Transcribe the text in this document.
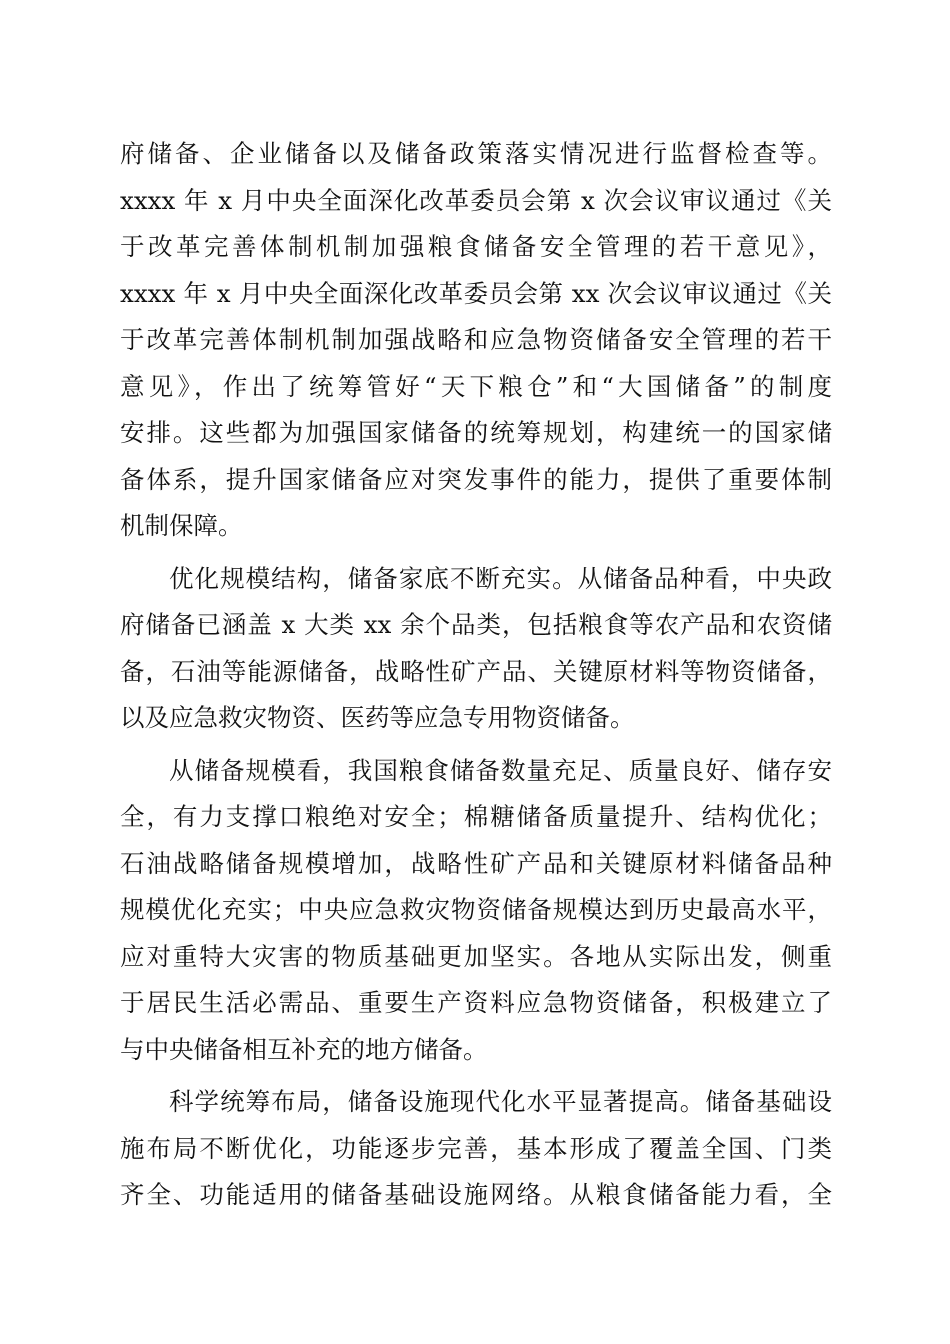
府储备、企业储备以及储备政策落实情况进行监督检查等。
xxxx 年 x 月中央全面深化改革委员会第 x 次会议审议通过《关
于改革完善体制机制加强粮食储备安全管理的若干意见》，
xxxx 年 x 月中央全面深化改革委员会第 xx 次会议审议通过《关
于改革完善体制机制加强战略和应急物资储备安全管理的若干
意见》，作出了统筹管好“天下粮仓”和“大国储备”的制度
安排。这些都为加强国家储备的统筹规划，构建统一的国家储
备体系，提升国家储备应对突发事件的能力，提供了重要体制
机制保障。
优化规模结构，储备家底不断充实。从储备品种看，中央政
府储备已涵盖 x 大类 xx 余个品类，包括粮食等农产品和农资储
备，石油等能源储备，战略性矿产品、关键原材料等物资储备，
以及应急救灾物资、医药等应急专用物资储备。
从储备规模看，我国粮食储备数量充足、质量良好、储存安
全，有力支撑口粮绝对安全；棉糖储备质量提升、结构优化；
石油战略储备规模增加，战略性矿产品和关键原材料储备品种
规模优化充实；中央应急救灾物资储备规模达到历史最高水平，
应对重特大灾害的物质基础更加坚实。各地从实际出发，侧重
于居民生活必需品、重要生产资料应急物资储备，积极建立了
与中央储备相互补充的地方储备。
科学统筹布局，储备设施现代化水平显著提高。储备基础设
施布局不断优化，功能逐步完善，基本形成了覆盖全国、门类
齐全、功能适用的储备基础设施网络。从粮食储备能力看，全
